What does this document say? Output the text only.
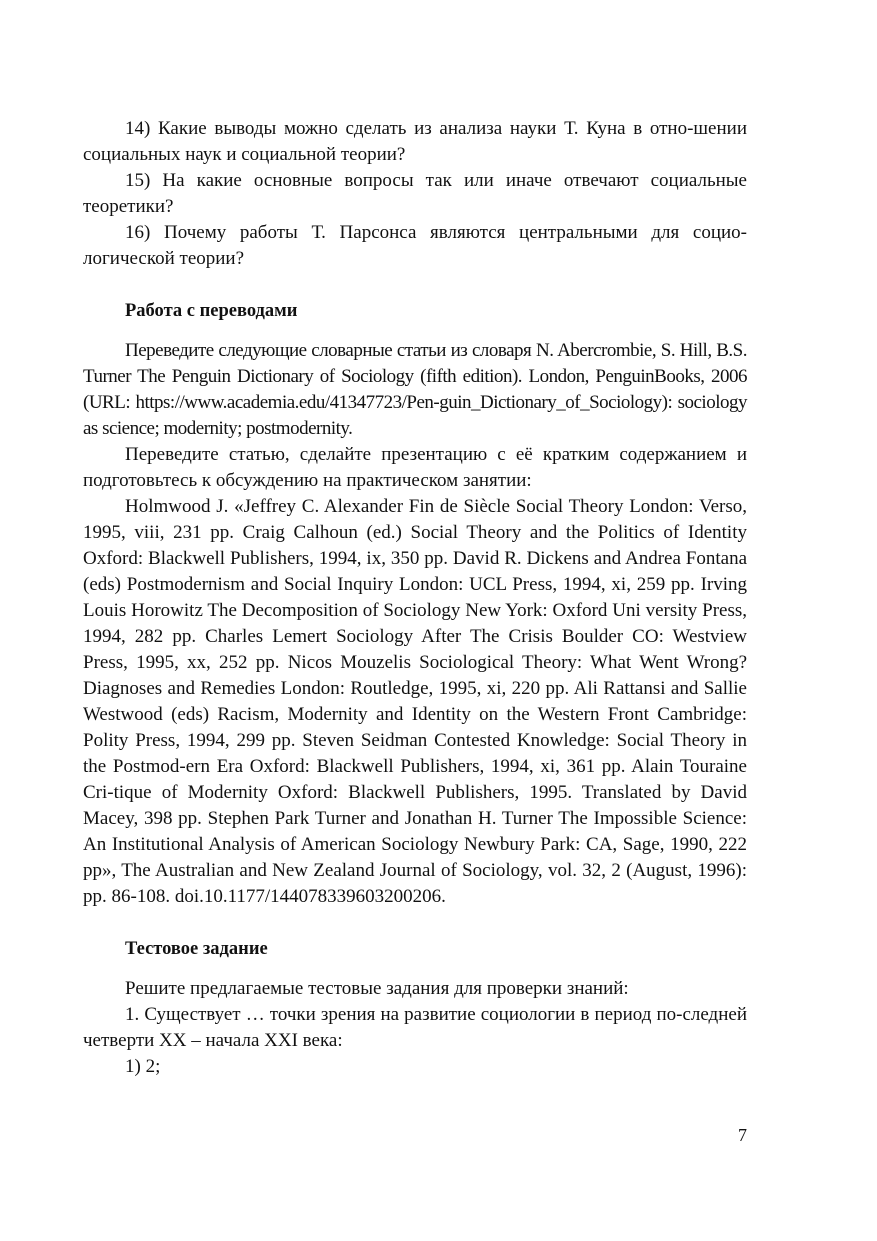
14) Какие выводы можно сделать из анализа науки Т. Куна в отно-шении социальных наук и социальной теории?

15) На какие основные вопросы так или иначе отвечают социальные теоретики?

16) Почему работы Т. Парсонса являются центральными для социо-логической теории?

Работа с переводами

Переведите следующие словарные статьи из словаря N. Abercrombie, S. Hill, B.S. Turner The Penguin Dictionary of Sociology (fifth edition). London, PenguinBooks, 2006 (URL: https://www.academia.edu/41347723/Pen-guin_Dictionary_of_Sociology): sociology as science; modernity; postmodernity.

Переведите статью, сделайте презентацию с её кратким содержанием и подготовьтесь к обсуждению на практическом занятии:

Holmwood J. «Jeffrey C. Alexander Fin de Siècle Social Theory London: Verso, 1995, viii, 231 pp. Craig Calhoun (ed.) Social Theory and the Politics of Identity Oxford: Blackwell Publishers, 1994, ix, 350 pp. David R. Dickens and Andrea Fontana (eds) Postmodernism and Social Inquiry London: UCL Press, 1994, xi, 259 pp. Irving Louis Horowitz The Decomposition of Sociology New York: Oxford Uni versity Press, 1994, 282 pp. Charles Lemert Sociology After The Crisis Boulder CO: Westview Press, 1995, xx, 252 pp. Nicos Mouzelis Sociological Theory: What Went Wrong? Diagnoses and Remedies London: Routledge, 1995, xi, 220 pp. Ali Rattansi and Sallie Westwood (eds) Racism, Modernity and Identity on the Western Front Cambridge: Polity Press, 1994, 299 pp. Steven Seidman Contested Knowledge: Social Theory in the Postmod-ern Era Oxford: Blackwell Publishers, 1994, xi, 361 pp. Alain Touraine Cri-tique of Modernity Oxford: Blackwell Publishers, 1995. Translated by David Macey, 398 pp. Stephen Park Turner and Jonathan H. Turner The Impossible Science: An Institutional Analysis of American Sociology Newbury Park: CA, Sage, 1990, 222 pp», The Australian and New Zealand Journal of Sociology, vol. 32, 2 (August, 1996): pp. 86-108. doi.10.1177/144078339603200206.

Тестовое задание

Решите предлагаемые тестовые задания для проверки знаний:

1. Существует … точки зрения на развитие социологии в период по-следней четверти XX – начала XXI века:

1) 2;

7
